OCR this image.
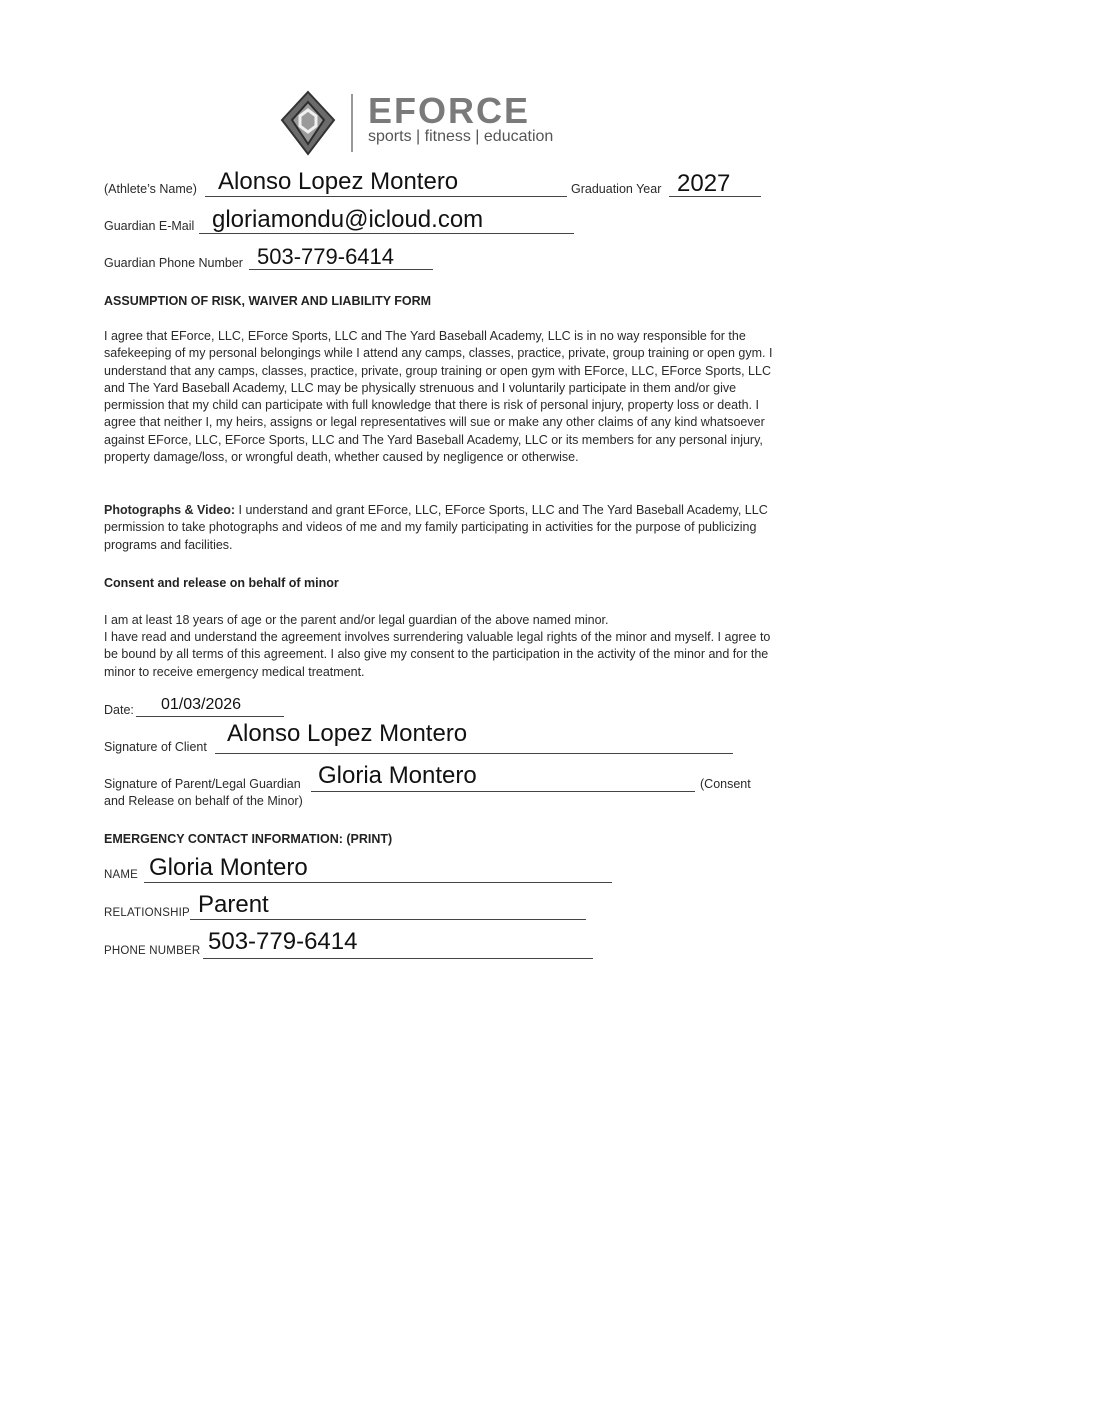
EFORCE
sports | fitness | education
(Athlete’s Name) Alonso Lopez Montero	Graduation Year 2027
Guardian E-Mail gloriamondu@icloud.com
Guardian Phone Number 503-779-6414
ASSUMPTION OF RISK, WAIVER AND LIABILITY FORM
I agree that EForce, LLC, EForce Sports, LLC and The Yard Baseball Academy, LLC is in no way responsible for the safekeeping of my personal belongings while I attend any camps, classes, practice, private, group training or open gym. I understand that any camps, classes, practice, private, group training or open gym with EForce, LLC, EForce Sports, LLC and The Yard Baseball Academy, LLC may be physically strenuous and I voluntarily participate in them and/or give permission that my child can participate with full knowledge that there is risk of personal injury, property loss or death. I agree that neither I, my heirs, assigns or legal representatives will sue or make any other claims of any kind whatsoever against EForce, LLC, EForce Sports, LLC and The Yard Baseball Academy, LLC or its members for any personal injury, property damage/loss, or wrongful death, whether caused by negligence or otherwise.
Photographs & Video: I understand and grant EForce, LLC, EForce Sports, LLC and The Yard Baseball Academy, LLC permission to take photographs and videos of me and my family participating in activities for the purpose of publicizing programs and facilities.
Consent and release on behalf of minor
I am at least 18 years of age or the parent and/or legal guardian of the above named minor.
I have read and understand the agreement involves surrendering valuable legal rights of the minor and myself. I agree to be bound by all terms of this agreement. I also give my consent to the participation in the activity of the minor and for the minor to receive emergency medical treatment.
Date: 01/03/2026
Signature of Client Alonso Lopez Montero
Signature of Parent/Legal Guardian Gloria Montero	(Consent
and Release on behalf of the Minor)
EMERGENCY CONTACT INFORMATION: (PRINT)
NAME Gloria Montero
RELATIONSHIP Parent
PHONE NUMBER 503-779-6414
